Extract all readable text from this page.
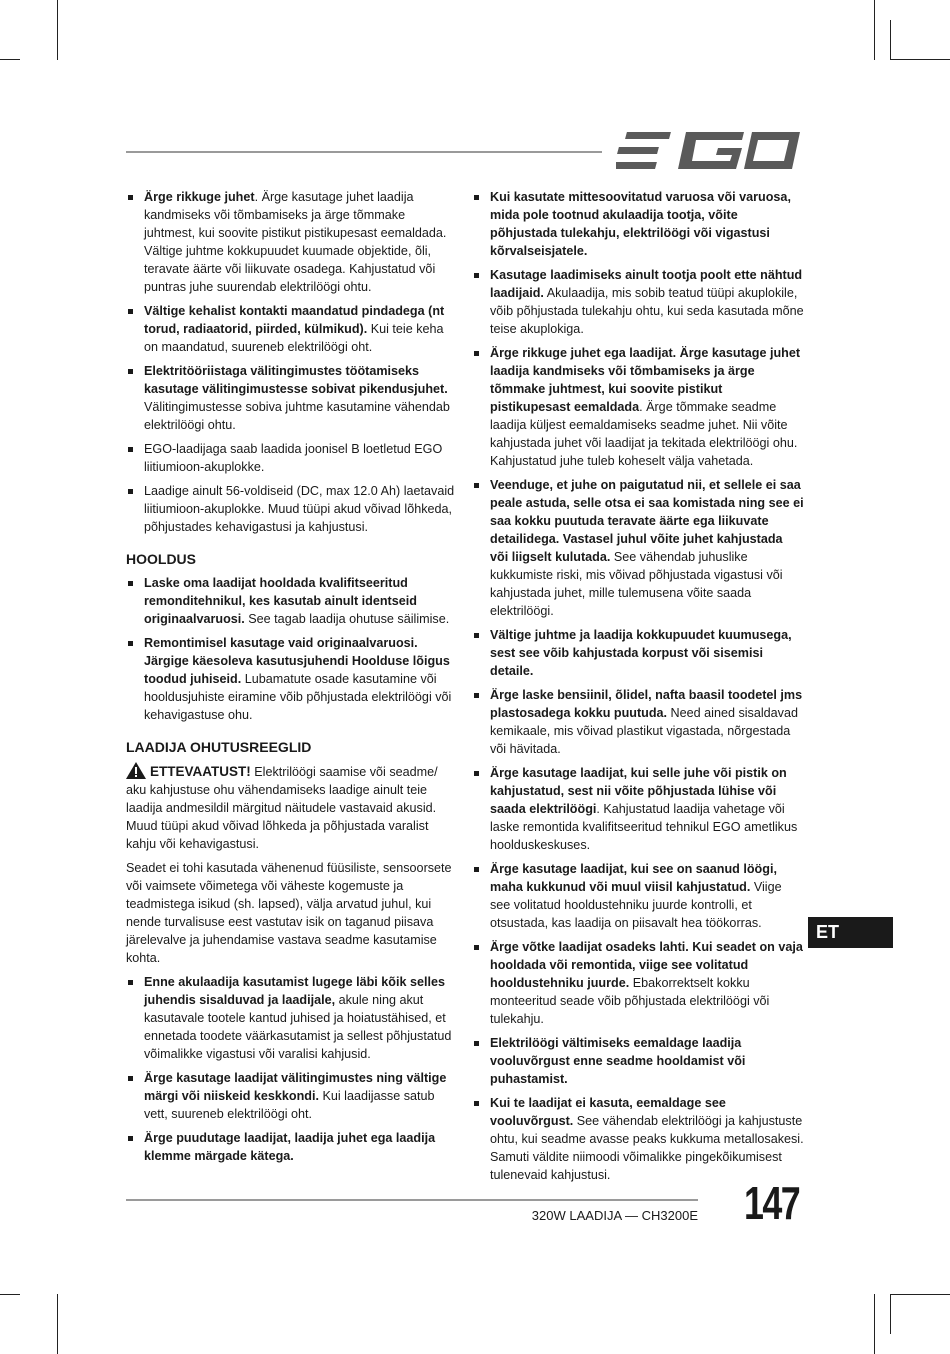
Ärge rikkuge juhet. Ärge kasutage juhet laadija kandmiseks või tõmbamiseks ja ärge tõmmake juhtmest, kui soovite pistikut pistikupesast eemaldada. Vältige juhtme kokkupuudet kuumade objektide, õli, teravate äärte või liikuvate osadega. Kahjustatud või puntras juhe suurendab elektrilöögi ohtu.
Vältige kehalist kontakti maandatud pindadega (nt torud, radiaatorid, piirded, külmikud). Kui teie keha on maandatud, suureneb elektrilöögi oht.
Elektritööriistaga välitingimustes töötamiseks kasutage välitingimustesse sobivat pikendusjuhet. Välitingimustesse sobiva juhtme kasutamine vähendab elektrilöögi ohtu.
EGO-laadijaga saab laadida joonisel B loetletud EGO liitiumioon-akuplokke.
Laadige ainult 56-voldiseid (DC, max 12.0 Ah) laetavaid liitiumioon-akuplokke. Muud tüüpi akud võivad lõhkeda, põhjustades kehavigastusi ja kahjustusi.
HOOLDUS
Laske oma laadijat hooldada kvalifitseeritud remonditehnikul, kes kasutab ainult identseid originaalvaruosi. See tagab laadija ohutuse säilimise.
Remontimisel kasutage vaid originaalvaruosi. Järgige käesoleva kasutusjuhendi Hoolduse lõigus toodud juhiseid. Lubamatute osade kasutamine või hooldusjuhiste eiramine võib põhjustada elektrilöögi või kehavigastuse ohu.
LAADIJA OHUTUSREEGLID

ETTEVAATUST! Elektrilöögi saamise või seadme/ aku kahjustuse ohu vähendamiseks laadige ainult teie laadija andmesildil märgitud näitudele vastavaid akusid. Muud tüüpi akud võivad lõhkeda ja põhjustada varalist kahju või kehavigastusi.

Seadet ei tohi kasutada vähenenud füüsiliste, sensoorsete või vaimsete võimetega või väheste kogemuste ja teadmistega isikud (sh. lapsed), välja arvatud juhul, kui nende turvalisuse eest vastutav isik on taganud piisava järelevalve ja juhendamise vastava seadme kasutamise kohta.

Enne akulaadija kasutamist lugege läbi kõik selles juhendis sisalduvad ja laadijale, akule ning akut kasutavale tootele kantud juhised ja hoiatustähised, et ennetada toodete väärkasutamist ja sellest põhjustatud võimalikke vigastusi või varalisi kahjusid.
Ärge kasutage laadijat välitingimustes ning vältige märgi või niiskeid keskkondi. Kui laadijasse satub vett, suureneb elektrilöögi oht.
Ärge puudutage laadijat, laadija juhet ega laadija klemme märgade kätega.
Kui kasutate mittesoovitatud varuosa või varuosa, mida pole tootnud akulaadija tootja, võite põhjustada tulekahju, elektrilöögi või vigastusi kõrvalseisjatele.
Kasutage laadimiseks ainult tootja poolt ette nähtud laadijaid. Akulaadija, mis sobib teatud tüüpi akuplokile, võib põhjustada tulekahju ohtu, kui seda kasutada mõne teise akuplokiga.
Ärge rikkuge juhet ega laadijat. Ärge kasutage juhet laadija kandmiseks või tõmbamiseks ja ärge tõmmake juhtmest, kui soovite pistikut pistikupesast eemaldada. Ärge tõmmake seadme laadija küljest eemaldamiseks seadme juhet. Nii võite kahjustada juhet või laadijat ja tekitada elektrilöögi ohu. Kahjustatud juhe tuleb koheselt välja vahetada.
Veenduge, et juhe on paigutatud nii, et sellele ei saa peale astuda, selle otsa ei saa komistada ning see ei saa kokku puutuda teravate äärte ega liikuvate detailidega. Vastasel juhul võite juhet kahjustada või liigselt kulutada. See vähendab juhuslike kukkumiste riski, mis võivad põhjustada vigastusi või kahjustada juhet, mille tulemusena võite saada elektrilöögi.
Vältige juhtme ja laadija kokkupuudet kuumusega, sest see võib kahjustada korpust või sisemisi detaile.
Ärge laske bensiinil, õlidel, nafta baasil toodetel jms plastosadega kokku puutuda. Need ained sisaldavad kemikaale, mis võivad plastikut vigastada, nõrgestada või hävitada.
Ärge kasutage laadijat, kui selle juhe või pistik on kahjustatud, sest nii võite põhjustada lühise või saada elektrilöögi. Kahjustatud laadija vahetage või laske remontida kvalifitseeritud tehnikul EGO ametlikus hoolduskeskuses.
Ärge kasutage laadijat, kui see on saanud löögi, maha kukkunud või muul viisil kahjustatud. Viige see volitatud hooldustehniku juurde kontrolli, et otsustada, kas laadija on piisavalt hea töökorras.
Ärge võtke laadijat osadeks lahti. Kui seadet on vaja hooldada või remontida, viige see volitatud hooldustehniku juurde. Ebakorrektselt kokku monteeritud seade võib põhjustada elektrilöögi või tulekahju.
Elektrilöögi vältimiseks eemaldage laadija vooluvõrgust enne seadme hooldamist või puhastamist.
Kui te laadijat ei kasuta, eemaldage see vooluvõrgust. See vähendab elektrilöögi ja kahjustuste ohtu, kui seadme avasse peaks kukkuma metallosakesi. Samuti väldite niimoodi võimalikke pingekõikumisest tulenevaid kahjustusi.
ET
320W LAADIJA — CH3200E 147
